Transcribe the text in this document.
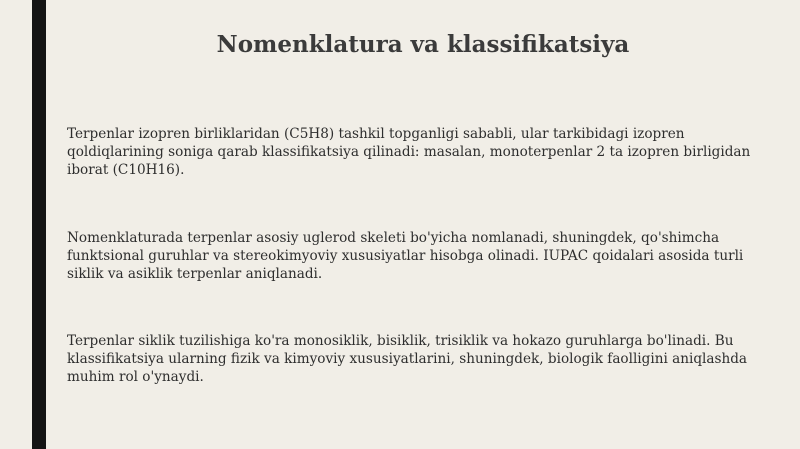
Nomenklatura va klassifikatsiya

Terpenlar izopren birliklaridan (C5H8) tashkil topganligi sababli, ular tarkibidagi izopren qoldiqlarining soniga qarab klassifikatsiya qilinadi: masalan, monoterpenlar 2 ta izopren birligidan iborat (C10H16).

Nomenklaturada terpenlar asosiy uglerod skeleti bo'yicha nomlanadi, shuningdek, qo'shimcha funktsional guruhlar va stereokimyoviy xususiyatlar hisobga olinadi. IUPAC qoidalari asosida turli siklik va asiklik terpenlar aniqlanadi.

Terpenlar siklik tuzilishiga ko'ra monosiklik, bisiklik, trisiklik va hokazo guruhlarga bo'linadi. Bu klassifikatsiya ularning fizik va kimyoviy xususiyatlarini, shuningdek, biologik faolligini aniqlashda muhim rol o'ynaydi.
